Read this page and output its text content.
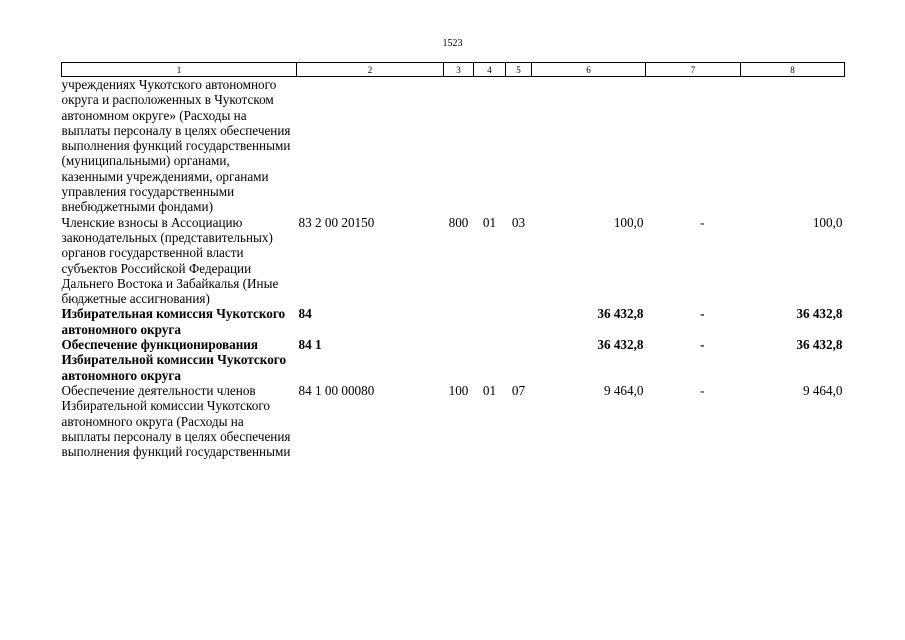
1523
1	2	3	4	5	6	7	8
учреждениях Чукотского автономного округа и расположенных в Чукотском автономном округе» (Расходы на выплаты персоналу в целях обеспечения выполнения функций государственными (муниципальными) органами, казенными учреждениями, органами управления государственными внебюджетными фондами)							
Членские взносы в Ассоциацию законодательных (представительных) органов государственной власти субъектов Российской Федерации Дальнего Востока и Забайкалья (Иные бюджетные ассигнования)	83 2 00 20150	800	01	03	100,0	-	100,0
Избирательная комиссия Чукотского автономного округа	84				36 432,8	-	36 432,8
Обеспечение функционирования Избирательной комиссии Чукотского автономного округа	84 1				36 432,8	-	36 432,8
Обеспечение деятельности членов Избирательной комиссии Чукотского автономного округа (Расходы на выплаты персоналу в целях обеспечения выполнения функций государственными	84 1 00 00080	100	01	07	9 464,0	-	9 464,0
